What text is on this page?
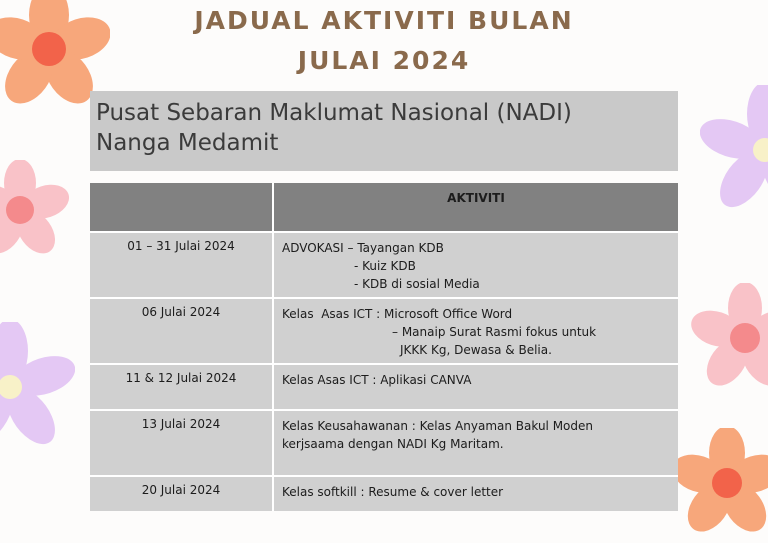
JADUAL AKTIVITI BULAN
JULAI 2024
Pusat Sebaran Maklumat Nasional (NADI)
Nanga Medamit
AKTIVITI
01 – 31 Julai 2024	ADVOKASI – Tayangan KDB
- Kuiz KDB
- KDB di sosial Media
06 Julai 2024	Kelas  Asas ICT : Microsoft Office Word
– Manaip Surat Rasmi fokus untuk
JKKK Kg, Dewasa & Belia.
11 & 12 Julai 2024	Kelas Asas ICT : Aplikasi CANVA
13 Julai 2024	Kelas Keusahawanan : Kelas Anyaman Bakul Moden
kerjsaama dengan NADI Kg Maritam.
20 Julai 2024	Kelas softkill : Resume & cover letter
